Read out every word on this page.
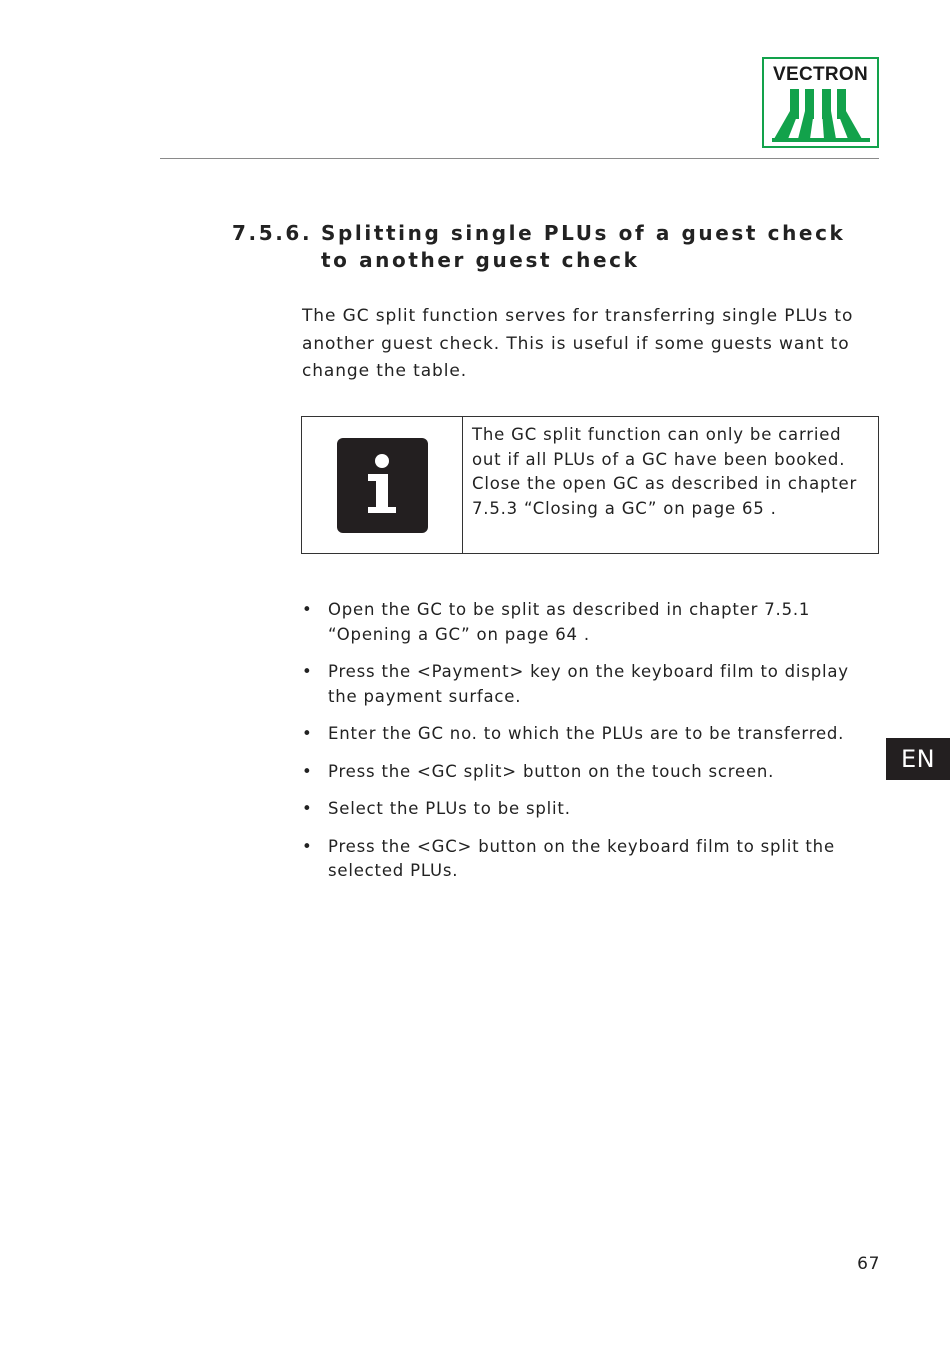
VECTRON
7.5.6. Splitting single PLUs of a guest check to another guest check
The GC split function serves for transferring single PLUs to another guest check. This is useful if some guests want to change the table.
The GC split function can only be carried out if all PLUs of a GC have been booked. Close the open GC as described in chapter 7.5.3 “Closing a GC” on page 65 .
• Open the GC to be split as described in chapter 7.5.1 “Opening a GC” on page 64 .
• Press the <Payment> key on the keyboard film to display the payment surface.
• Enter the GC no. to which the PLUs are to be transferred.
• Press the <GC split> button on the touch screen.
• Select the PLUs to be split.
• Press the <GC> button on the keyboard film to split the selected PLUs.
EN
67
